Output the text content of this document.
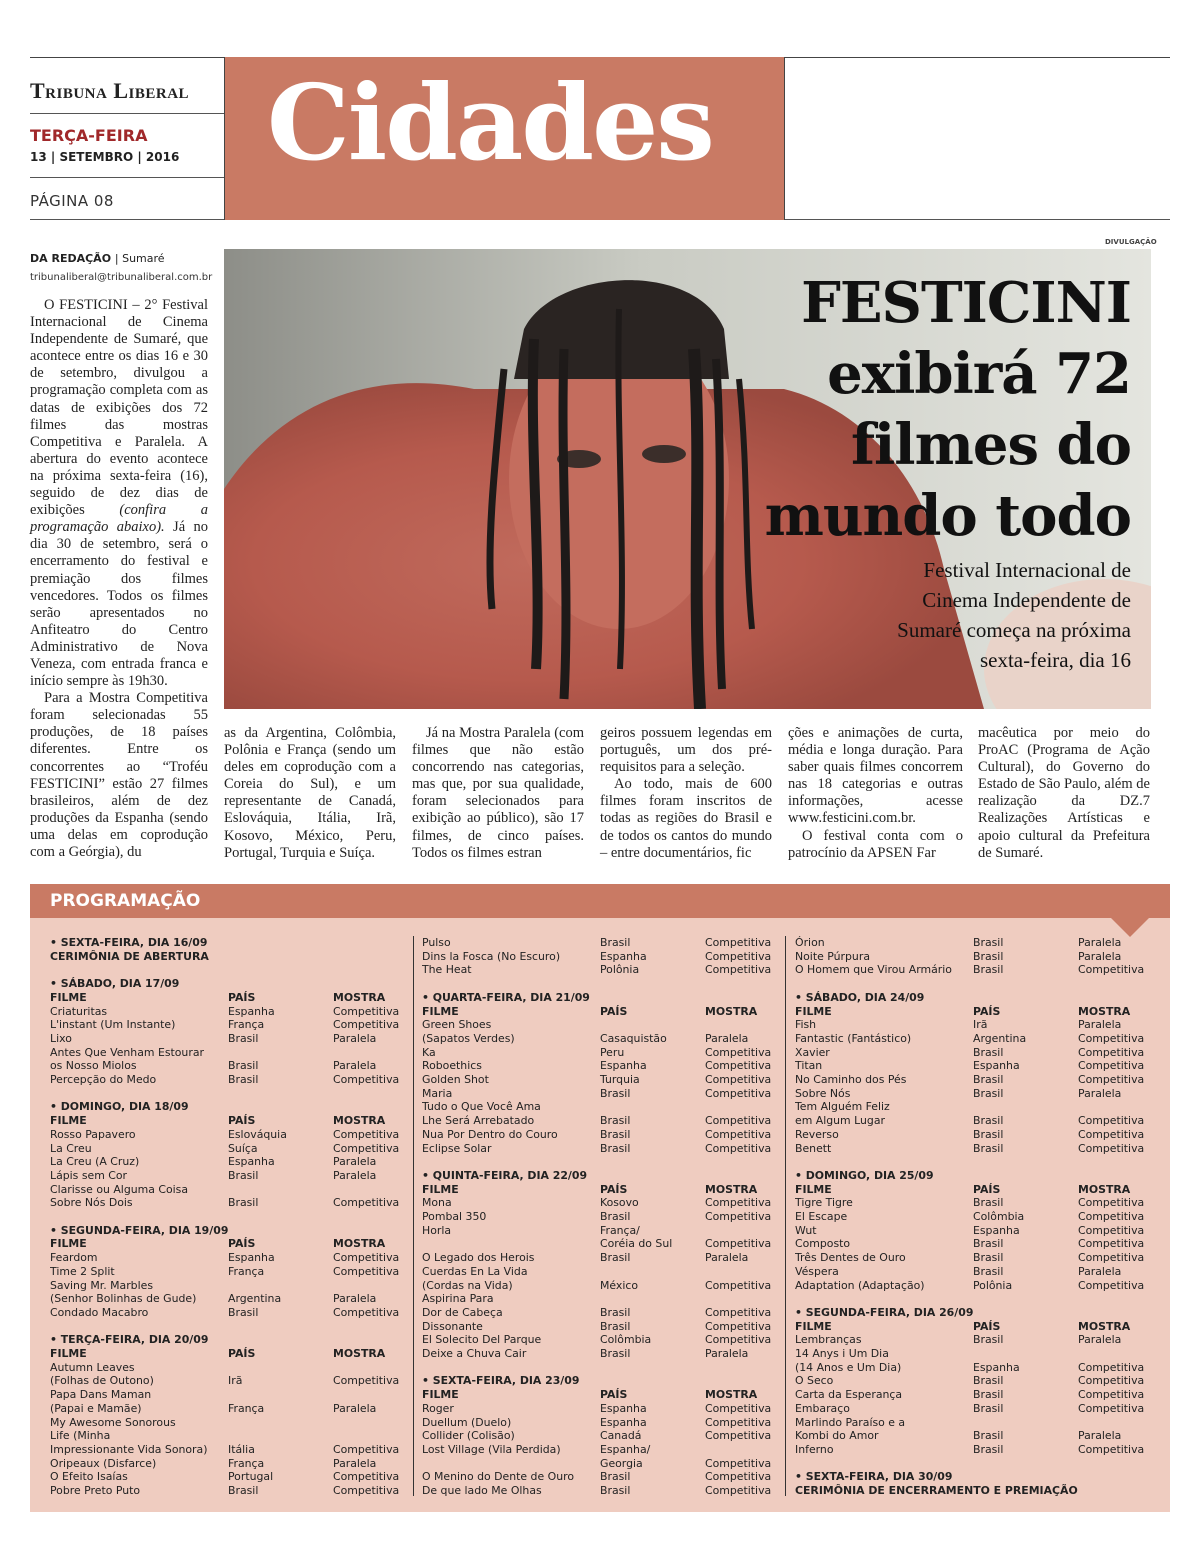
Tribuna Liberal
TERÇA-FEIRA
13 | SETEMBRO | 2016
PÁGINA 08
Cidades
DA REDAÇÃO | Sumaré
tribunaliberal@tribunaliberal.com.br

O FESTICINI – 2° Festival Internacional de Cinema Independente de Sumaré, que acontece entre os dias 16 e 30 de setembro, divulgou a programação completa com as datas de exibições dos 72 filmes das mostras Competitiva e Paralela. A abertura do evento acontece na próxima sexta-feira (16), seguido de dez dias de exibições (confira a programação abaixo). Já no dia 30 de setembro, será o encerramento do festival e premiação dos filmes vencedores. Todos os filmes serão apresentados no Anfiteatro do Centro Administrativo de Nova Veneza, com entrada franca e início sempre às 19h30.

Para a Mostra Competitiva foram selecionadas 55 produções, de 18 países diferentes. Entre os concorrentes ao “Troféu FESTICINI” estão 27 filmes brasileiros, além de dez produções da Espanha (sendo uma delas em coprodução com a Geórgia), du

DIVULGAÇÃO
FESTICINI
exibirá 72
filmes do
mundo todo
Festival Internacional de
Cinema Independente de
Sumaré começa na próxima
sexta-feira, dia 16

as da Argentina, Colômbia, Polônia e França (sendo um deles em coprodução com a Coreia do Sul), e um representante de Canadá, Eslováquia, Itália, Irã, Kosovo, México, Peru, Portugal, Turquia e Suíça.

Já na Mostra Paralela (com filmes que não estão concorrendo nas categorias, mas que, por sua qualidade, foram selecionados para exibição ao público), são 17 filmes, de cinco países. Todos os filmes estran

geiros possuem legendas em português, um dos pré-requisitos para a seleção.

Ao todo, mais de 600 filmes foram inscritos de todas as regiões do Brasil e de todos os cantos do mundo – entre documentários, fic

ções e animações de curta, média e longa duração. Para saber quais filmes concorrem nas 18 categorias e outras informações, acesse www.festicini.com.br.

O festival conta com o patrocínio da APSEN Far

macêutica por meio do ProAC (Programa de Ação Cultural), do Governo do Estado de São Paulo, além de realização da DZ.7 Realizações Artísticas e apoio cultural da Prefeitura de Sumaré.

PROGRAMAÇÃO
• SEXTA-FEIRA, DIA 16/09
CERIMÔNIA DE ABERTURA
• SÁBADO, DIA 17/09
FILME	PAÍS	MOSTRA
Criaturitas	Espanha	Competitiva
L'instant (Um Instante)	França	Competitiva
Lixo	Brasil	Paralela
Antes Que Venham Estourar
os Nosso Miolos	Brasil	Paralela
Percepção do Medo	Brasil	Competitiva
• DOMINGO, DIA 18/09
FILME	PAÍS	MOSTRA
Rosso Papavero	Eslováquia	Competitiva
La Creu	Suíça	Competitiva
La Creu (A Cruz)	Espanha	Paralela
Lápis sem Cor	Brasil	Paralela
Clarisse ou Alguma Coisa
Sobre Nós Dois	Brasil	Competitiva
• SEGUNDA-FEIRA, DIA 19/09
FILME	PAÍS	MOSTRA
Feardom	Espanha	Competitiva
Time 2 Split	França	Competitiva
Saving Mr. Marbles
(Senhor Bolinhas de Gude)	Argentina	Paralela
Condado Macabro	Brasil	Competitiva
• TERÇA-FEIRA, DIA 20/09
FILME	PAÍS	MOSTRA
Autumn Leaves
(Folhas de Outono)	Irã	Competitiva
Papa Dans Maman
(Papai e Mamãe)	França	Paralela
My Awesome Sonorous
Life (Minha
Impressionante Vida Sonora)	Itália	Competitiva
Oripeaux (Disfarce)	França	Paralela
O Efeito Isaías	Portugal	Competitiva
Pobre Preto Puto	Brasil	Competitiva
Pulso	Brasil	Competitiva
Dins la Fosca (No Escuro)	Espanha	Competitiva
The Heat	Polônia	Competitiva
• QUARTA-FEIRA, DIA 21/09
FILME	PAÍS	MOSTRA
Green Shoes
(Sapatos Verdes)	Casaquistão	Paralela
Ka	Peru	Competitiva
Roboethics	Espanha	Competitiva
Golden Shot	Turquia	Competitiva
Maria	Brasil	Competitiva
Tudo o Que Você Ama
Lhe Será Arrebatado	Brasil	Competitiva
Nua Por Dentro do Couro	Brasil	Competitiva
Eclipse Solar	Brasil	Competitiva
• QUINTA-FEIRA, DIA 22/09
FILME	PAÍS	MOSTRA
Mona	Kosovo	Competitiva
Pombal 350	Brasil	Competitiva
Horla	França/
Coréia do Sul	Competitiva
O Legado dos Herois	Brasil	Paralela
Cuerdas En La Vida
(Cordas na Vida)	México	Competitiva
Aspirina Para
Dor de Cabeça	Brasil	Competitiva
Dissonante	Brasil	Competitiva
El Solecito Del Parque	Colômbia	Competitiva
Deixe a Chuva Cair	Brasil	Paralela
• SEXTA-FEIRA, DIA 23/09
FILME	PAÍS	MOSTRA
Roger	Espanha	Competitiva
Duellum (Duelo)	Espanha	Competitiva
Collider (Colisão)	Canadá	Competitiva
Lost Village (Vila Perdida)	Espanha/
Georgia	Competitiva
O Menino do Dente de Ouro	Brasil	Competitiva
De que lado Me Olhas	Brasil	Competitiva
Órion	Brasil	Paralela
Noite Púrpura	Brasil	Paralela
O Homem que Virou Armário	Brasil	Competitiva
• SÁBADO, DIA 24/09
FILME	PAÍS	MOSTRA
Fish	Irã	Paralela
Fantastic (Fantástico)	Argentina	Competitiva
Xavier	Brasil	Competitiva
Titan	Espanha	Competitiva
No Caminho dos Pés	Brasil	Competitiva
Sobre Nós	Brasil	Paralela
Tem Alguém Feliz
em Algum Lugar	Brasil	Competitiva
Reverso	Brasil	Competitiva
Benett	Brasil	Competitiva
• DOMINGO, DIA 25/09
FILME	PAÍS	MOSTRA
Tigre Tigre	Brasil	Competitiva
El Escape	Colômbia	Competitiva
Wut	Espanha	Competitiva
Composto	Brasil	Competitiva
Três Dentes de Ouro	Brasil	Competitiva
Véspera	Brasil	Paralela
Adaptation (Adaptação)	Polônia	Competitiva
• SEGUNDA-FEIRA, DIA 26/09
FILME	PAÍS	MOSTRA
Lembranças	Brasil	Paralela
14 Anys i Um Dia
(14 Anos e Um Dia)	Espanha	Competitiva
O Seco	Brasil	Competitiva
Carta da Esperança	Brasil	Competitiva
Embaraço	Brasil	Competitiva
Marlindo Paraíso e a
Kombi do Amor	Brasil	Paralela
Inferno	Brasil	Competitiva
• SEXTA-FEIRA, DIA 30/09
CERIMÔNIA DE ENCERRAMENTO E PREMIAÇÃO
